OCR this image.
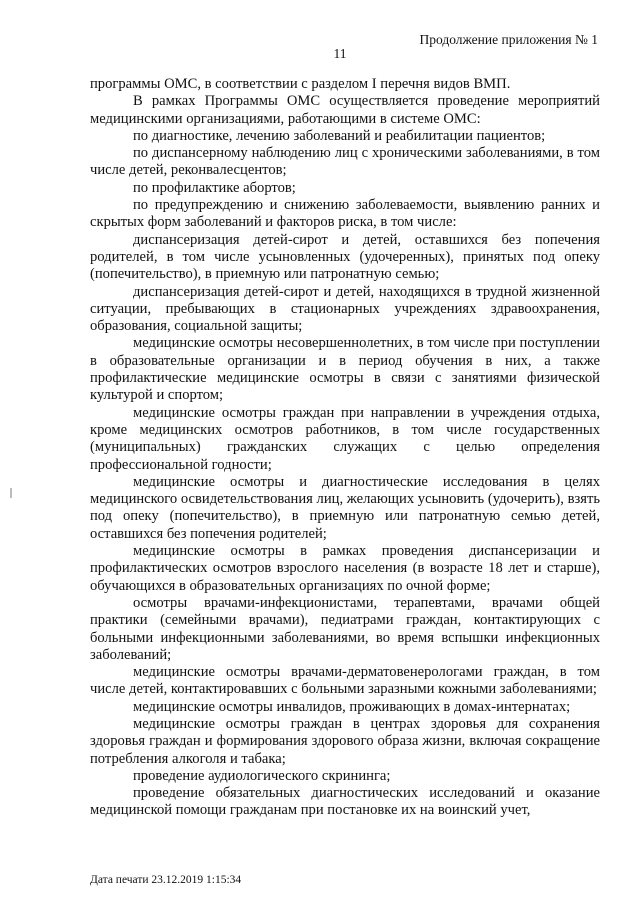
Продолжение приложения № 1
11

программы ОМС, в соответствии с разделом I перечня видов ВМП.

В рамках Программы ОМС осуществляется проведение мероприятий медицинскими организациями, работающими в системе ОМС:

по диагностике, лечению заболеваний и реабилитации пациентов;

по диспансерному наблюдению лиц с хроническими заболеваниями, в том числе детей, реконвалесцентов;

по профилактике абортов;

по предупреждению и снижению заболеваемости, выявлению ранних и скрытых форм заболеваний и факторов риска, в том числе:

диспансеризация детей-сирот и детей, оставшихся без попечения родителей, в том числе усыновленных (удочеренных), принятых под опеку (попечительство), в приемную или патронатную семью;

диспансеризация детей-сирот и детей, находящихся в трудной жизненной ситуации, пребывающих в стационарных учреждениях здравоохранения, образования, социальной защиты;

медицинские осмотры несовершеннолетних, в том числе при поступлении в образовательные организации и в период обучения в них, а также профилактические медицинские осмотры в связи с занятиями физической культурой и спортом;

медицинские осмотры граждан при направлении в учреждения отдыха, кроме медицинских осмотров работников, в том числе государственных (муниципальных) гражданских служащих с целью определения профессиональной годности;

медицинские осмотры и диагностические исследования в целях медицинского освидетельствования лиц, желающих усыновить (удочерить), взять под опеку (попечительство), в приемную или патронатную семью детей, оставшихся без попечения родителей;

медицинские осмотры в рамках проведения диспансеризации и профилактических осмотров взрослого населения (в возрасте 18 лет и старше), обучающихся в образовательных организациях по очной форме;

осмотры врачами-инфекционистами, терапевтами, врачами общей практики (семейными врачами), педиатрами граждан, контактирующих с больными инфекционными заболеваниями, во время вспышки инфекционных заболеваний;

медицинские осмотры врачами-дерматовенерологами граждан, в том числе детей, контактировавших с больными заразными кожными заболеваниями;

медицинские осмотры инвалидов, проживающих в домах-интернатах;

медицинские осмотры граждан в центрах здоровья для сохранения здоровья граждан и формирования здорового образа жизни, включая сокращение потребления алкоголя и табака;

проведение аудиологического скрининга;

проведение обязательных диагностических исследований и оказание медицинской помощи гражданам при постановке их на воинский учет,

Дата печати 23.12.2019 1:15:34
